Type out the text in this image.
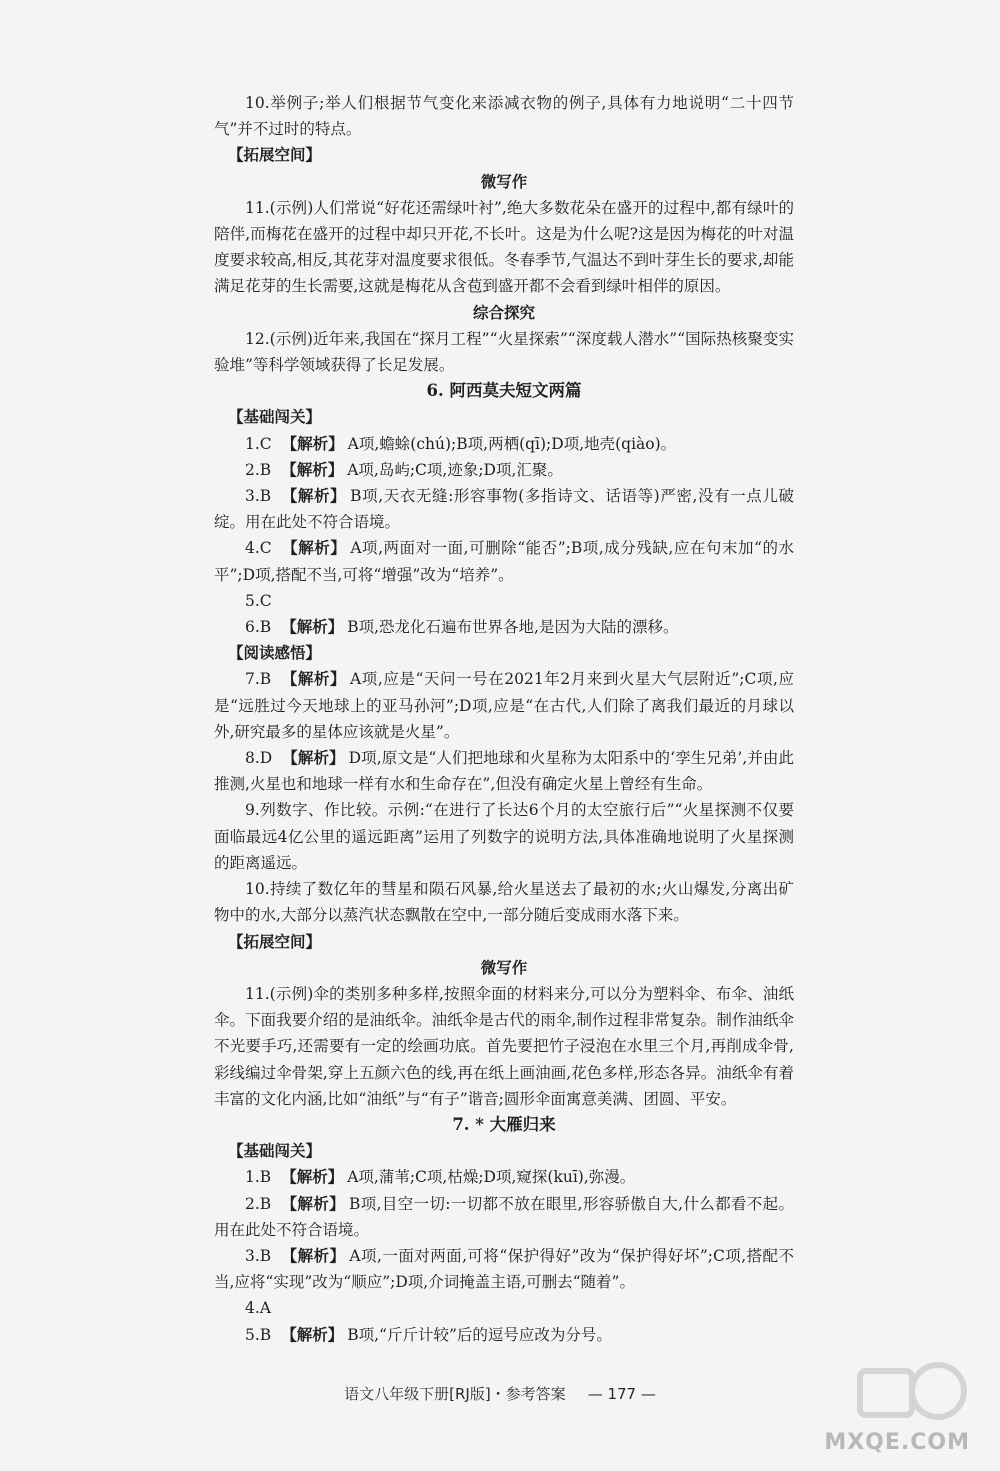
10.举例子;举人们根据节气变化来添减衣物的例子,具体有力地说明“二十四节气”并不过时的特点。

【拓展空间】

微写作

11.(示例)人们常说“好花还需绿叶衬”,绝大多数花朵在盛开的过程中,都有绿叶的陪伴,而梅花在盛开的过程中却只开花,不长叶。这是为什么呢?这是因为梅花的叶对温度要求较高,相反,其花芽对温度要求很低。冬春季节,气温达不到叶芽生长的要求,却能满足花芽的生长需要,这就是梅花从含苞到盛开都不会看到绿叶相伴的原因。

综合探究

12.(示例)近年来,我国在“探月工程”“火星探索”“深度载人潜水”“国际热核聚变实验堆”等科学领域获得了长足发展。

6. 阿西莫夫短文两篇

【基础闯关】

1.C 【解析】 A项,蟾蜍(chú);B项,两栖(qī);D项,地壳(qiào)。

2.B 【解析】 A项,岛屿;C项,迹象;D项,汇聚。

3.B 【解析】 B项,天衣无缝:形容事物(多指诗文、话语等)严密,没有一点儿破绽。用在此处不符合语境。

4.C 【解析】 A项,两面对一面,可删除“能否”;B项,成分残缺,应在句末加“的水平”;D项,搭配不当,可将“增强”改为“培养”。

5.C

6.B 【解析】 B项,恐龙化石遍布世界各地,是因为大陆的漂移。

【阅读感悟】

7.B 【解析】 A项,应是“天问一号在2021年2月来到火星大气层附近”;C项,应是“远胜过今天地球上的亚马孙河”;D项,应是“在古代,人们除了离我们最近的月球以外,研究最多的星体应该就是火星”。

8.D 【解析】 D项,原文是“人们把地球和火星称为太阳系中的‘孪生兄弟’,并由此推测,火星也和地球一样有水和生命存在”,但没有确定火星上曾经有生命。

9.列数字、作比较。示例:“在进行了长达6个月的太空旅行后”“火星探测不仅要面临最远4亿公里的遥远距离”运用了列数字的说明方法,具体准确地说明了火星探测的距离遥远。

10.持续了数亿年的彗星和陨石风暴,给火星送去了最初的水;火山爆发,分离出矿物中的水,大部分以蒸汽状态飘散在空中,一部分随后变成雨水落下来。

【拓展空间】

微写作

11.(示例)伞的类别多种多样,按照伞面的材料来分,可以分为塑料伞、布伞、油纸伞。下面我要介绍的是油纸伞。油纸伞是古代的雨伞,制作过程非常复杂。制作油纸伞不光要手巧,还需要有一定的绘画功底。首先要把竹子浸泡在水里三个月,再削成伞骨,彩线编过伞骨架,穿上五颜六色的线,再在纸上画油画,花色多样,形态各异。油纸伞有着丰富的文化内涵,比如“油纸”与“有子”谐音;圆形伞面寓意美满、团圆、平安。

7. * 大雁归来

【基础闯关】

1.B 【解析】 A项,蒲苇;C项,枯燥;D项,窥探(kuī),弥漫。

2.B 【解析】 B项,目空一切:一切都不放在眼里,形容骄傲自大,什么都看不起。用在此处不符合语境。

3.B 【解析】 A项,一面对两面,可将“保护得好”改为“保护得好坏”;C项,搭配不当,应将“实现”改为“顺应”;D项,介词掩盖主语,可删去“随着”。

4.A

5.B 【解析】 B项,“斤斤计较”后的逗号应改为分号。

语文八年级下册[RJ版]・参考答案 — 177 —
MXQE.COM
